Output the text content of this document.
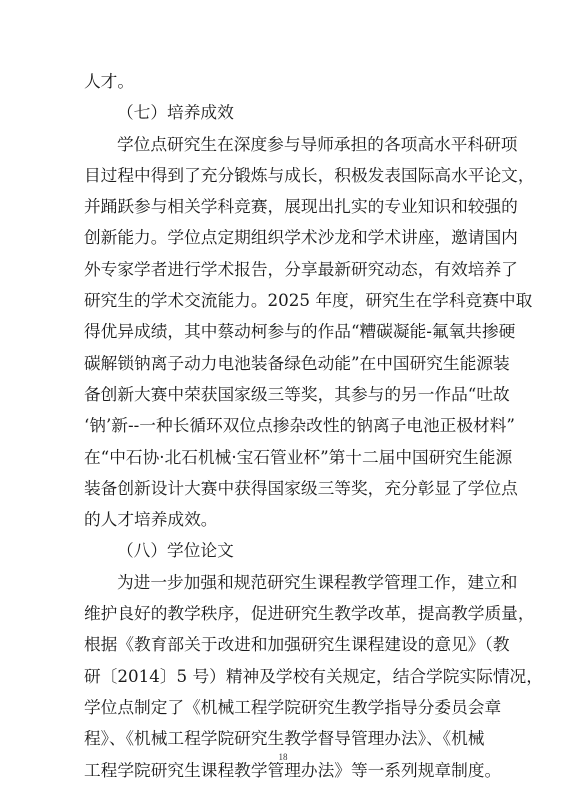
人才。
（七）培养成效
学位点研究生在深度参与导师承担的各项高水平科研项
目过程中得到了充分锻炼与成长，积极发表国际高水平论文，
并踊跃参与相关学科竞赛，展现出扎实的专业知识和较强的
创新能力。学位点定期组织学术沙龙和学术讲座，邀请国内
外专家学者进行学术报告，分享最新研究动态，有效培养了
研究生的学术交流能力。2025 年度，研究生在学科竞赛中取
得优异成绩，其中蔡动柯参与的作品“糟碳凝能-氟氧共掺硬
碳解锁钠离子动力电池装备绿色动能”在中国研究生能源装
备创新大赛中荣获国家级三等奖，其参与的另一作品“吐故
‘钠’新--一种长循环双位点掺杂改性的钠离子电池正极材料”
在“中石协·北石机械·宝石管业杯”第十二届中国研究生能源
装备创新设计大赛中获得国家级三等奖，充分彰显了学位点
的人才培养成效。
（八）学位论文
为进一步加强和规范研究生课程教学管理工作，建立和
维护良好的教学秩序，促进研究生教学改革，提高教学质量，
根据《教育部关于改进和加强研究生课程建设的意见》（教
研〔2014〕5 号）精神及学校有关规定，结合学院实际情况，
学位点制定了《机械工程学院研究生教学指导分委员会章
程》、《机械工程学院研究生教学督导管理办法》、《机械
工程学院研究生课程教学管理办法》等一系列规章制度。
18
